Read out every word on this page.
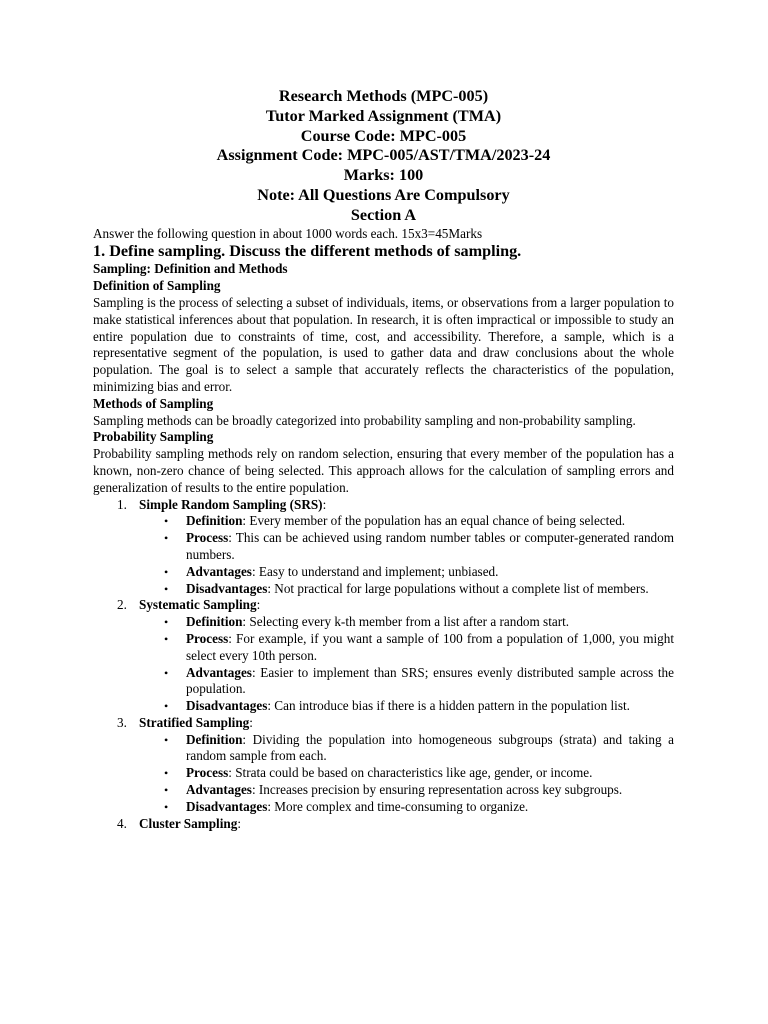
Research Methods (MPC-005)
Tutor Marked Assignment (TMA)
Course Code: MPC-005
Assignment Code: MPC-005/AST/TMA/2023-24
Marks: 100
Note: All Questions Are Compulsory
Section A

Answer the following question in about 1000 words each. 15x3=45Marks

1. Define sampling. Discuss the different methods of sampling.

Sampling: Definition and Methods

Definition of Sampling

Sampling is the process of selecting a subset of individuals, items, or observations from a larger population to make statistical inferences about that population. In research, it is often impractical or impossible to study an entire population due to constraints of time, cost, and accessibility. Therefore, a sample, which is a representative segment of the population, is used to gather data and draw conclusions about the whole population. The goal is to select a sample that accurately reflects the characteristics of the population, minimizing bias and error.

Methods of Sampling

Sampling methods can be broadly categorized into probability sampling and non-probability sampling.

Probability Sampling

Probability sampling methods rely on random selection, ensuring that every member of the population has a known, non-zero chance of being selected. This approach allows for the calculation of sampling errors and generalization of results to the entire population.

1. Simple Random Sampling (SRS):
• Definition: Every member of the population has an equal chance of being selected.
• Process: This can be achieved using random number tables or computer-generated random numbers.
• Advantages: Easy to understand and implement; unbiased.
• Disadvantages: Not practical for large populations without a complete list of members.
2. Systematic Sampling:
• Definition: Selecting every k-th member from a list after a random start.
• Process: For example, if you want a sample of 100 from a population of 1,000, you might select every 10th person.
• Advantages: Easier to implement than SRS; ensures evenly distributed sample across the population.
• Disadvantages: Can introduce bias if there is a hidden pattern in the population list.
3. Stratified Sampling:
• Definition: Dividing the population into homogeneous subgroups (strata) and taking a random sample from each.
• Process: Strata could be based on characteristics like age, gender, or income.
• Advantages: Increases precision by ensuring representation across key subgroups.
• Disadvantages: More complex and time-consuming to organize.
4. Cluster Sampling:
